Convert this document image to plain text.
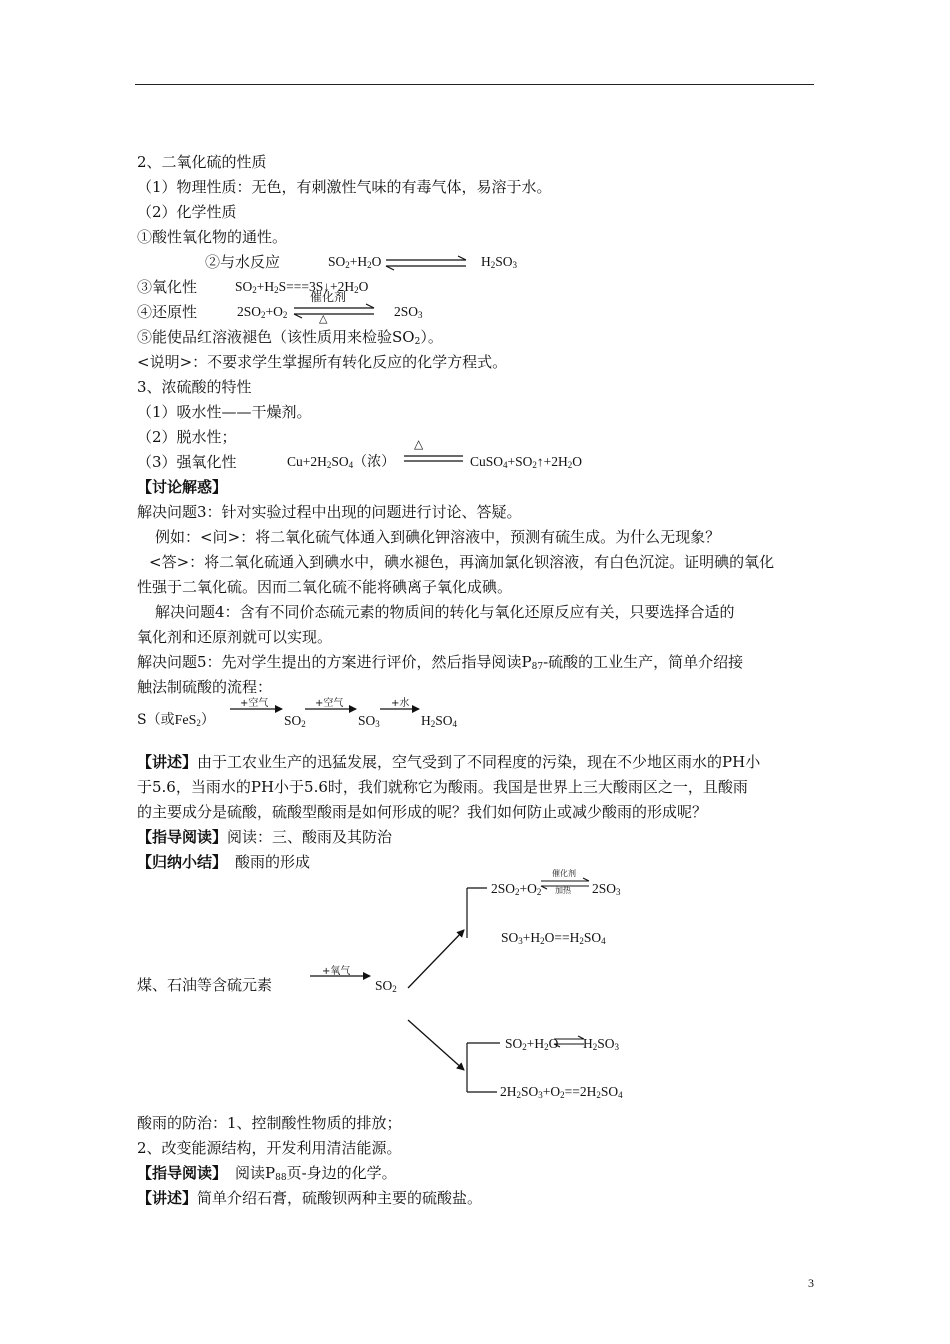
2、二氧化硫的性质
（1）物理性质：无色，有刺激性气味的有毒气体，易溶于水。
（2）化学性质
①酸性氧化物的通性。
②与水反应	$SO_2+H_2O$	$H_2SO_3$
③氧化性	$SO_2+H_2S===3S↓+2H_2O$
④还原性	$2SO_2+O_2$
催化剂
△	$2SO_3$
⑤能使品红溶液褪色（该性质用来检验$SO_2$）。
<说明>：不要求学生掌握所有转化反应的化学方程式。
3、浓硫酸的特性
（1）吸水性——干燥剂。
（2）脱水性；
（3）强氧化性	$Cu+2H_2SO_4$（浓）
△
$CuSO_4+SO_2↑+2H_2O$
【讨论解惑】
解决问题3：针对实验过程中出现的问题进行讨论、答疑。
例如：<问>：将二氧化硫气体通入到碘化钾溶液中，预测有硫生成。为什么无现象？
<答>：将二氧化硫通入到碘水中，碘水褪色，再滴加氯化钡溶液，有白色沉淀。证明碘的氧化
性强于二氧化硫。因而二氧化硫不能将碘离子氧化成碘。
解决问题4：含有不同价态硫元素的物质间的转化与氧化还原反应有关，只要选择合适的
氧化剂和还原剂就可以实现。
解决问题5：先对学生提出的方案进行评价，然后指导阅读$P_{87}-$硫酸的工业生产，简单介绍接
触法制硫酸的流程：
S（或FeS$_2$）
+空气
$SO_2$
+空气
$SO_3$
+水
$H_2SO_4$
【讲述】由于工农业生产的迅猛发展，空气受到了不同程度的污染，现在不少地区雨水的PH小
于5.6，当雨水的PH小于5.6时，我们就称它为酸雨。我国是世界上三大酸雨区之一，且酸雨
的主要成分是硫酸，硫酸型酸雨是如何形成的呢？我们如何防止或减少酸雨的形成呢？
【指导阅读】阅读：三、酸雨及其防治
【归纳小结】 酸雨的形成
煤、石油等含硫元素
+氧气
$SO_2$
$2SO_2+O_2$
催化剂
加热 $2SO_3$
$SO_3+H_2O==H_2SO_4$
$SO_2+H_2O$ $H_2SO_3$
$2H_2SO_3+O_2==2H_2SO_4$
酸雨的防治：1、控制酸性物质的排放；
2、改变能源结构，开发利用清洁能源。
【指导阅读】 阅读$P_{88}$页-身边的化学。
【讲述】简单介绍石膏，硫酸钡两种主要的硫酸盐。
3
